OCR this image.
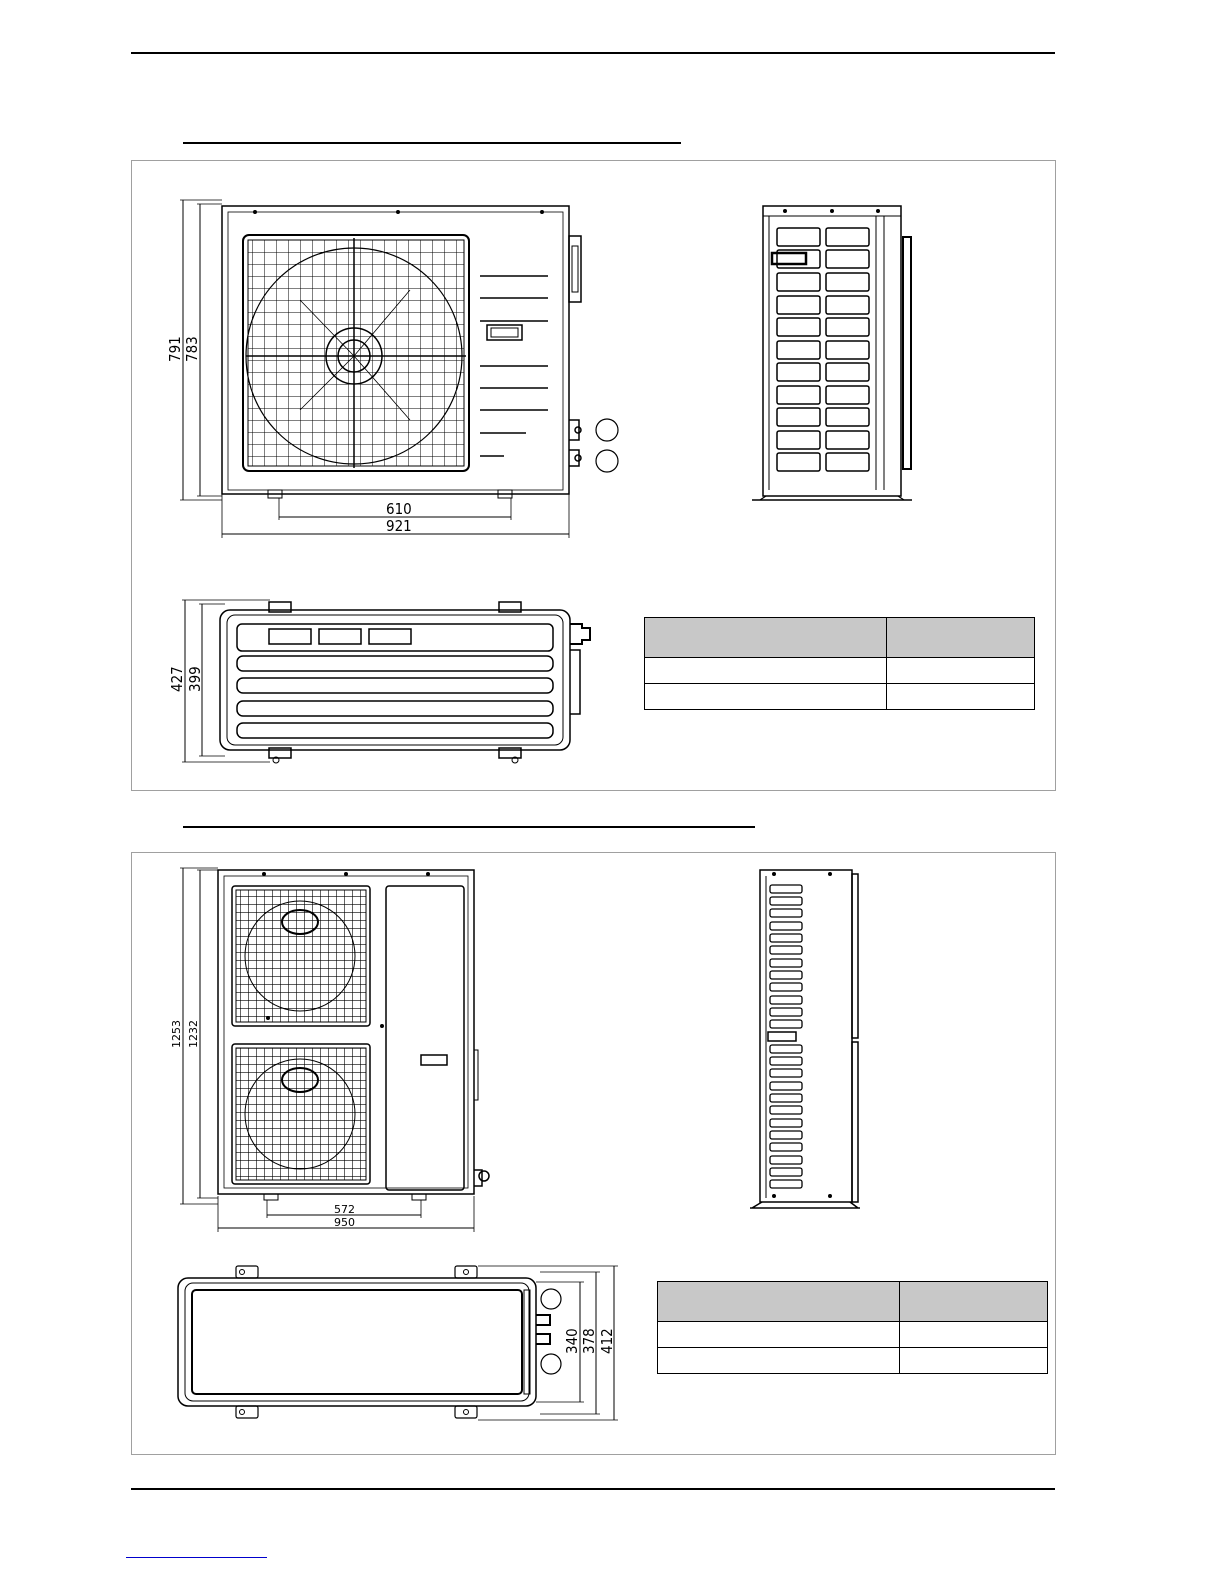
791 783
610
921
427 399
1253 1232
572
950
340 378 412
